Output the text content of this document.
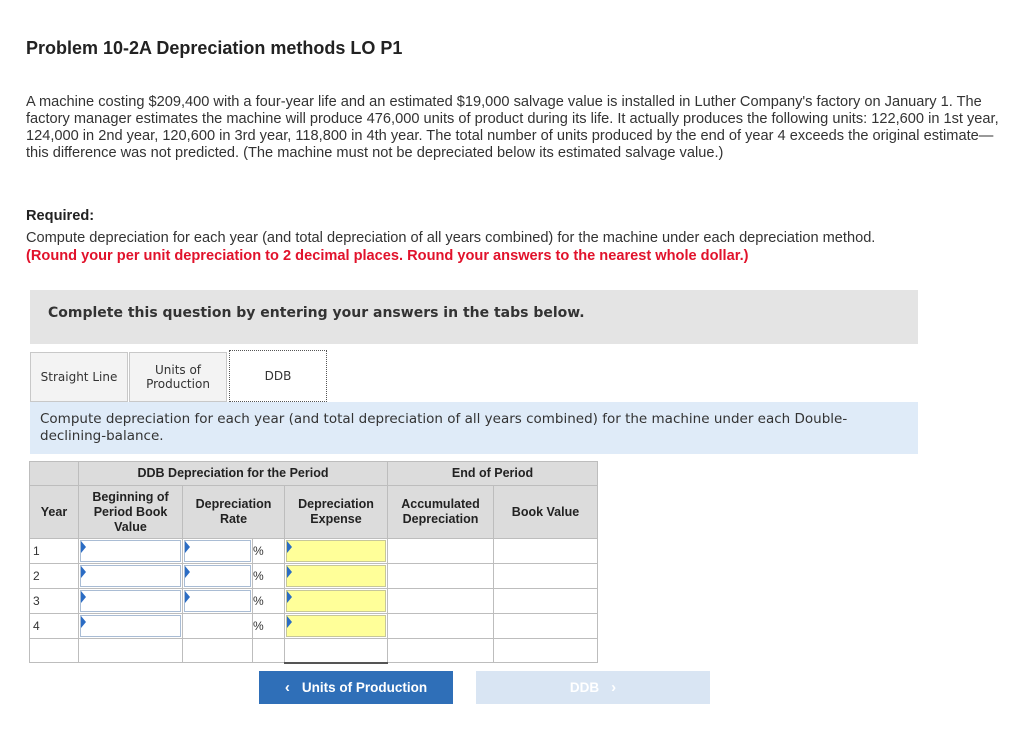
Problem 10-2A Depreciation methods LO P1
A machine costing $209,400 with a four-year life and an estimated $19,000 salvage value is installed in Luther Company's factory on January 1. The factory manager estimates the machine will produce 476,000 units of product during its life. It actually produces the following units: 122,600 in 1st year, 124,000 in 2nd year, 120,600 in 3rd year, 118,800 in 4th year. The total number of units produced by the end of year 4 exceeds the original estimate—this difference was not predicted. (The machine must not be depreciated below its estimated salvage value.)
Required:
Compute depreciation for each year (and total depreciation of all years combined) for the machine under each depreciation method.
(Round your per unit depreciation to 2 decimal places. Round your answers to the nearest whole dollar.)
Complete this question by entering your answers in the tabs below.
Straight Line	Units of Production
DDB
Compute depreciation for each year (and total depreciation of all years combined) for the machine under each Double-declining-balance.
	DDB Depreciation for the Period				End of Period	
Year	Beginning of Period Book Value	Depreciation Rate		Depreciation Expense	Accumulated Depreciation	Book Value
1			%	

2			%	

3			%	

4			%	

‹ Units of Production	DDB ›
